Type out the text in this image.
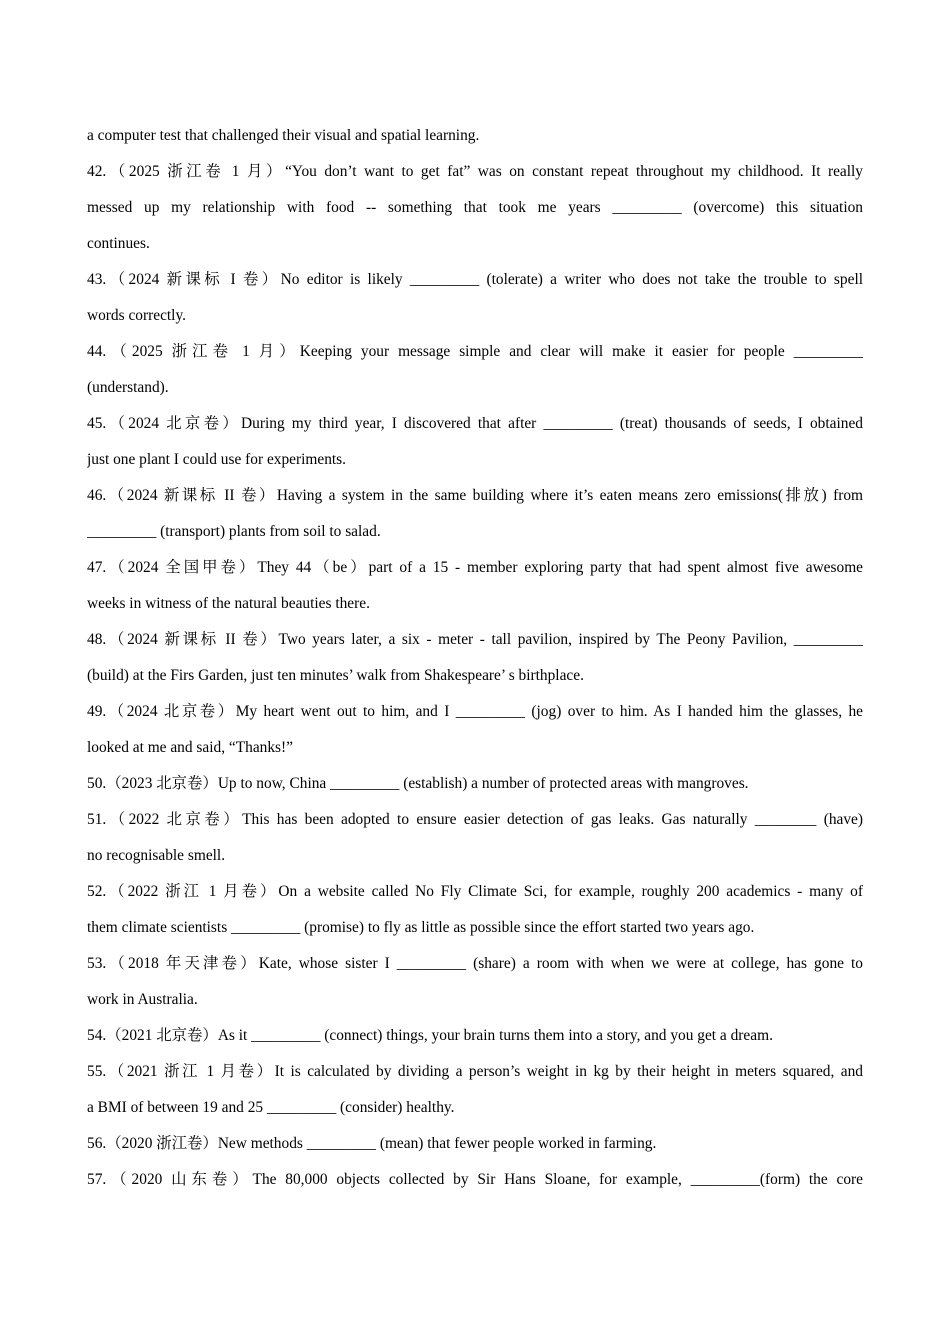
a computer test that challenged their visual and spatial learning.
42.（2025 浙江卷 1 月）“You don’t want to get fat” was on constant repeat throughout my childhood. It really
messed up my relationship with food -- something that took me years _________ (overcome) this situation
continues.
43.（2024 新课标 I 卷）No editor is likely _________ (tolerate) a writer who does not take the trouble to spell
words correctly.
44.（2025 浙江卷 1 月）Keeping your message simple and clear will make it easier for people _________
(understand).
45.（2024 北京卷）During my third year, I discovered that after _________ (treat) thousands of seeds, I obtained
just one plant I could use for experiments.
46.（2024 新课标 II 卷）Having a system in the same building where it’s eaten means zero emissions(排放) from
_________ (transport) plants from soil to salad.
47.（2024 全国甲卷）They 44（be）part of a 15 - member exploring party that had spent almost five awesome
weeks in witness of the natural beauties there.
48.（2024 新课标 II 卷）Two years later, a six - meter - tall pavilion, inspired by The Peony Pavilion, _________
(build) at the Firs Garden, just ten minutes’ walk from Shakespeare’ s birthplace.
49.（2024 北京卷）My heart went out to him, and I _________ (jog) over to him. As I handed him the glasses, he
looked at me and said, “Thanks!”
50.（2023 北京卷）Up to now, China _________ (establish) a number of protected areas with mangroves.
51.（2022 北京卷）This has been adopted to ensure easier detection of gas leaks. Gas naturally ________ (have)
no recognisable smell.
52.（2022 浙江 1 月卷）On a website called No Fly Climate Sci, for example, roughly 200 academics - many of
them climate scientists _________ (promise) to fly as little as possible since the effort started two years ago.
53.（2018 年天津卷）Kate, whose sister I _________ (share) a room with when we were at college, has gone to
work in Australia.
54.（2021 北京卷）As it _________ (connect) things, your brain turns them into a story, and you get a dream.
55.（2021 浙江 1 月卷）It is calculated by dividing a person’s weight in kg by their height in meters squared, and
a BMI of between 19 and 25 _________ (consider) healthy.
56.（2020 浙江卷）New methods _________ (mean) that fewer people worked in farming.
57.（2020 山东卷）The 80,000 objects collected by Sir Hans Sloane, for example, _________(form) the core
